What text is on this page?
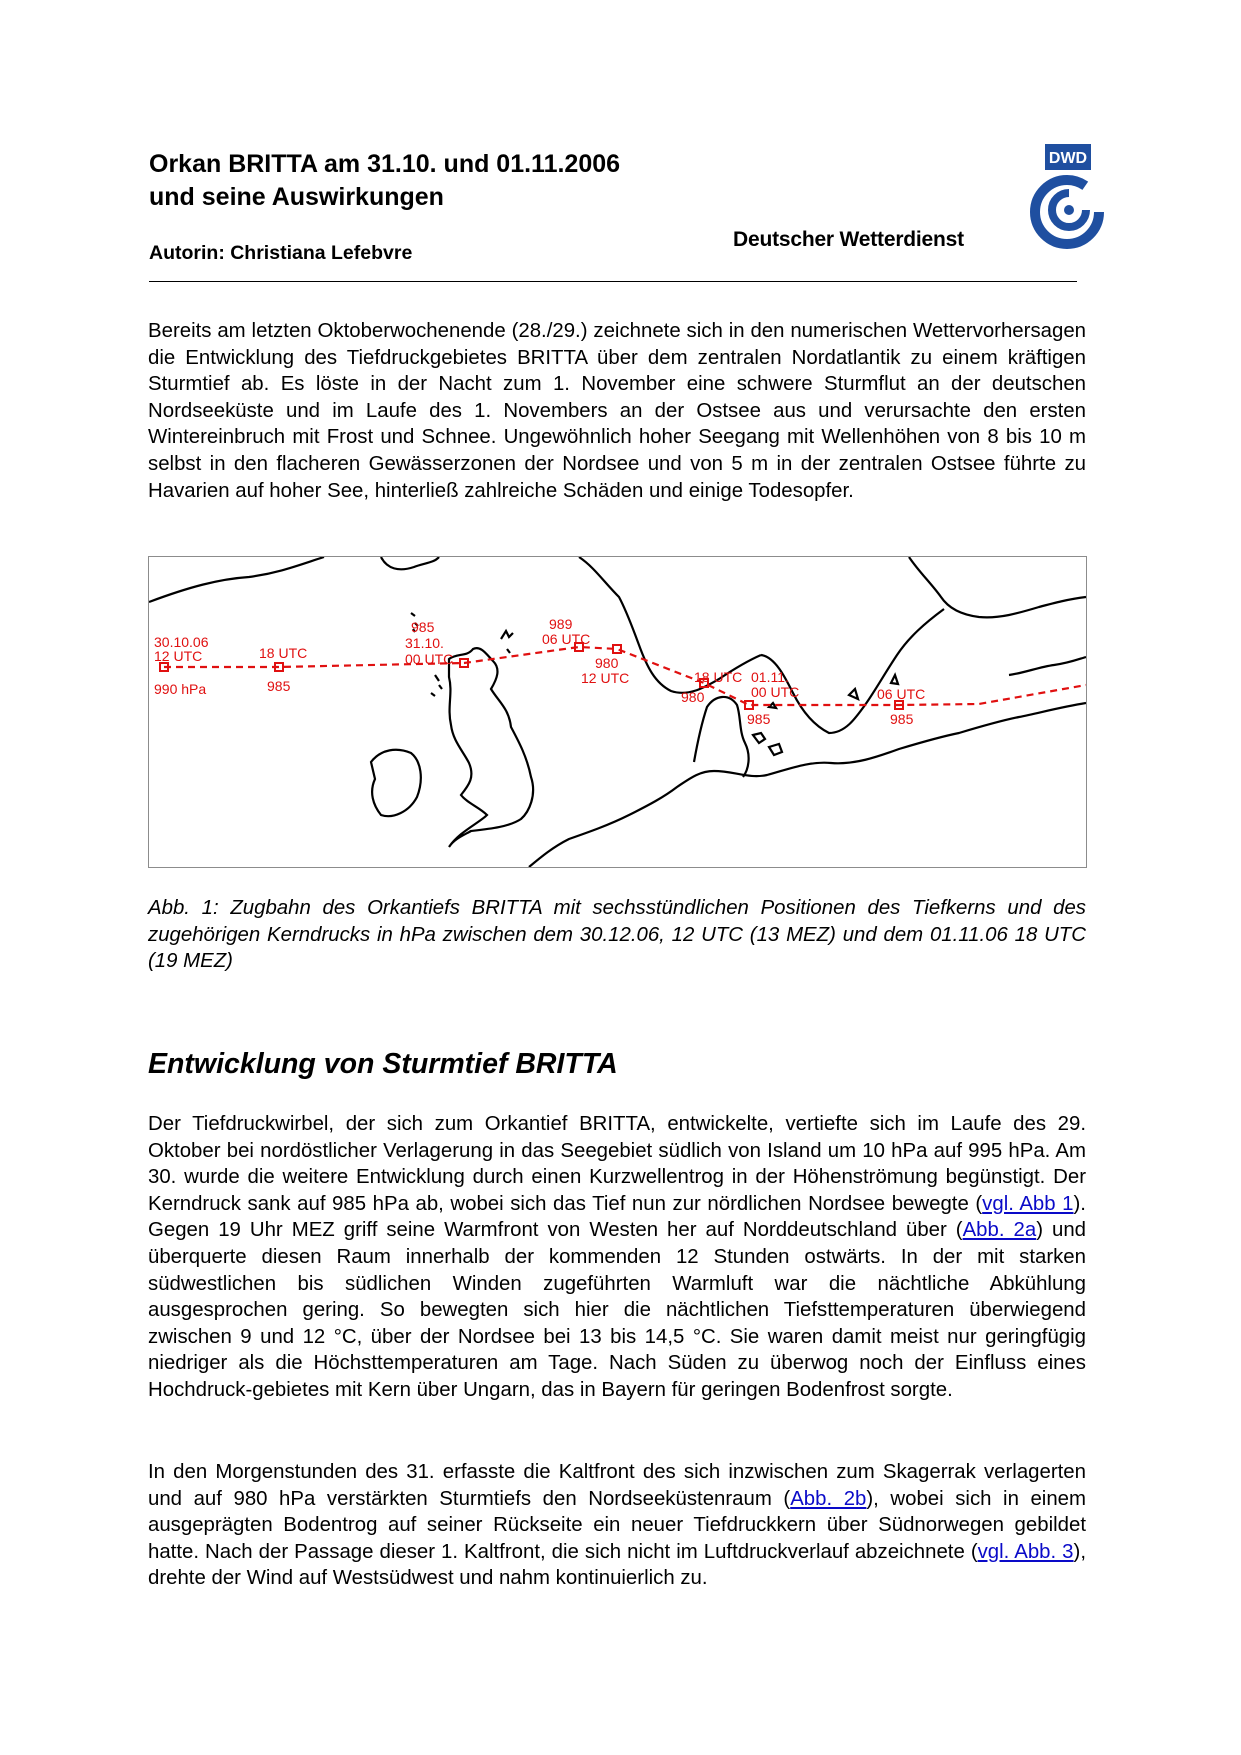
Orkan BRITTA am 31.10. und 01.11.2006
und seine Auswirkungen

Autorin: Christiana Lefebvre

Deutscher Wetterdienst
DWD

Bereits am letzten Oktoberwochenende (28./29.) zeichnete sich in den numerischen Wettervorhersagen die Entwicklung des Tiefdruckgebietes BRITTA über dem zentralen Nordatlantik zu einem kräftigen Sturmtief ab. Es löste in der Nacht zum 1. November eine schwere Sturmflut an der deutschen Nordseeküste und im Laufe des 1. Novembers an der Ostsee aus und verursachte den ersten Wintereinbruch mit Frost und Schnee. Ungewöhnlich hoher Seegang mit Wellenhöhen von 8 bis 10 m selbst in den flacheren Gewässerzonen der Nordsee und von 5 m in der zentralen Ostsee führte zu Havarien auf hoher See, hinterließ zahlreiche Schäden und einige Todesopfer.

30.10.06
12 UTC
990 hPa
18 UTC
985
985
31.10.
00 UTC
989
06 UTC
980
12 UTC	18 UTC
980
01.11.
00 UTC
985
06 UTC
985

Abb. 1: Zugbahn des Orkantiefs BRITTA mit sechsstündlichen Positionen des Tiefkerns und des zugehörigen Kerndrucks in hPa zwischen dem 30.12.06, 12 UTC (13 MEZ) und dem 01.11.06 18 UTC (19 MEZ)

Entwicklung von Sturmtief BRITTA

Der Tiefdruckwirbel, der sich zum Orkantief BRITTA, entwickelte, vertiefte sich im Laufe des 29. Oktober bei nordöstlicher Verlagerung in das Seegebiet südlich von Island um 10 hPa auf 995 hPa. Am 30. wurde die weitere Entwicklung durch einen Kurzwellentrog in der Höhenströmung begünstigt. Der Kerndruck sank auf 985 hPa ab, wobei sich das Tief nun zur nördlichen Nordsee bewegte (vgl. Abb 1). Gegen 19 Uhr MEZ griff seine Warmfront von Westen her auf Norddeutschland über (Abb. 2a) und überquerte diesen Raum innerhalb der kommenden 12 Stunden ostwärts. In der mit starken südwestlichen bis südlichen Winden zugeführten Warmluft war die nächtliche Abkühlung ausgesprochen gering. So bewegten sich hier die nächtlichen Tiefsttemperaturen überwiegend zwischen 9 und 12 °C, über der Nordsee bei 13 bis 14,5 °C. Sie waren damit meist nur geringfügig niedriger als die Höchsttemperaturen am Tage. Nach Süden zu überwog noch der Einfluss eines Hochdruck-gebietes mit Kern über Ungarn, das in Bayern für geringen Bodenfrost sorgte.

In den Morgenstunden des 31. erfasste die Kaltfront des sich inzwischen zum Skagerrak verlagerten und auf 980 hPa verstärkten Sturmtiefs den Nordseeküstenraum (Abb. 2b), wobei sich in einem ausgeprägten Bodentrog auf seiner Rückseite ein neuer Tiefdruckkern über Südnorwegen gebildet hatte. Nach der Passage dieser 1. Kaltfront, die sich nicht im Luftdruckverlauf abzeichnete (vgl. Abb. 3), drehte der Wind auf Westsüdwest und nahm kontinuierlich zu.
